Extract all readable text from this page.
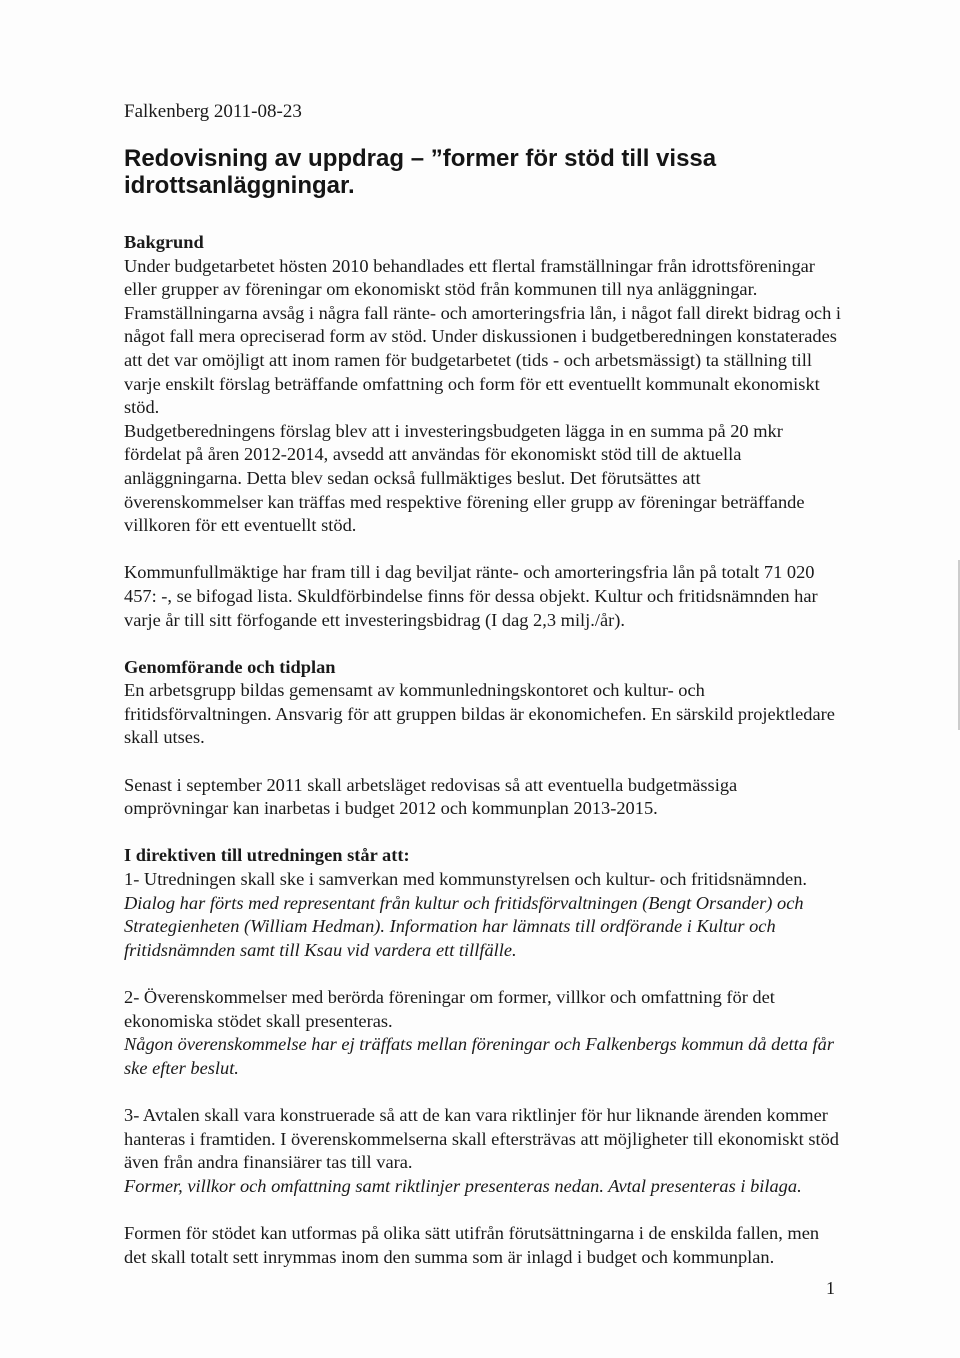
Falkenberg 2011-08-23
Redovisning av uppdrag – ”former för stöd till vissa idrottsanläggningar.

Bakgrund

Under budgetarbetet hösten 2010 behandlades ett flertal framställningar från idrottsföreningar eller grupper av föreningar om ekonomiskt stöd från kommunen till nya anläggningar. Framställningarna avsåg i några fall ränte- och amorteringsfria lån, i något fall direkt bidrag och i något fall mera opreciserad form av stöd. Under diskussionen i budgetberedningen konstaterades att det var omöjligt att inom ramen för budgetarbetet (tids - och arbetsmässigt) ta ställning till varje enskilt förslag beträffande omfattning och form för ett eventuellt kommunalt ekonomiskt stöd.

Budgetberedningens förslag blev att i investeringsbudgeten lägga in en summa på 20 mkr fördelat på åren 2012-2014, avsedd att användas för ekonomiskt stöd till de aktuella anläggningarna. Detta blev sedan också fullmäktiges beslut. Det förutsättes att överenskommelser kan träffas med respektive förening eller grupp av föreningar beträffande villkoren för ett eventuellt stöd.

Kommunfullmäktige har fram till i dag beviljat ränte- och amorteringsfria lån på totalt 71 020 457: -, se bifogad lista. Skuldförbindelse finns för dessa objekt. Kultur och fritidsnämnden har varje år till sitt förfogande ett investeringsbidrag (I dag 2,3 milj./år).

Genomförande och tidplan

En arbetsgrupp bildas gemensamt av kommunledningskontoret och kultur- och fritidsförvaltningen. Ansvarig för att gruppen bildas är ekonomichefen. En särskild projektledare skall utses.

Senast i september 2011 skall arbetsläget redovisas så att eventuella budgetmässiga omprövningar kan inarbetas i budget 2012 och kommunplan 2013-2015.

I direktiven till utredningen står att:

1- Utredningen skall ske i samverkan med kommunstyrelsen och kultur- och fritidsnämnden.

Dialog har förts med representant från kultur och fritidsförvaltningen (Bengt Orsander) och Strategienheten (William Hedman). Information har lämnats till ordförande i Kultur och fritidsnämnden samt till Ksau vid vardera ett tillfälle.

2- Överenskommelser med berörda föreningar om former, villkor och omfattning för det ekonomiska stödet skall presenteras.

Någon överenskommelse har ej träffats mellan föreningar och Falkenbergs kommun då detta får ske efter beslut.

3- Avtalen skall vara konstruerade så att de kan vara riktlinjer för hur liknande ärenden kommer hanteras i framtiden. I överenskommelserna skall eftersträvas att möjligheter till ekonomiskt stöd även från andra finansiärer tas till vara.

Former, villkor och omfattning samt riktlinjer presenteras nedan. Avtal presenteras i bilaga.

Formen för stödet kan utformas på olika sätt utifrån förutsättningarna i de enskilda fallen, men det skall totalt sett inrymmas inom den summa som är inlagd i budget och kommunplan.

1
